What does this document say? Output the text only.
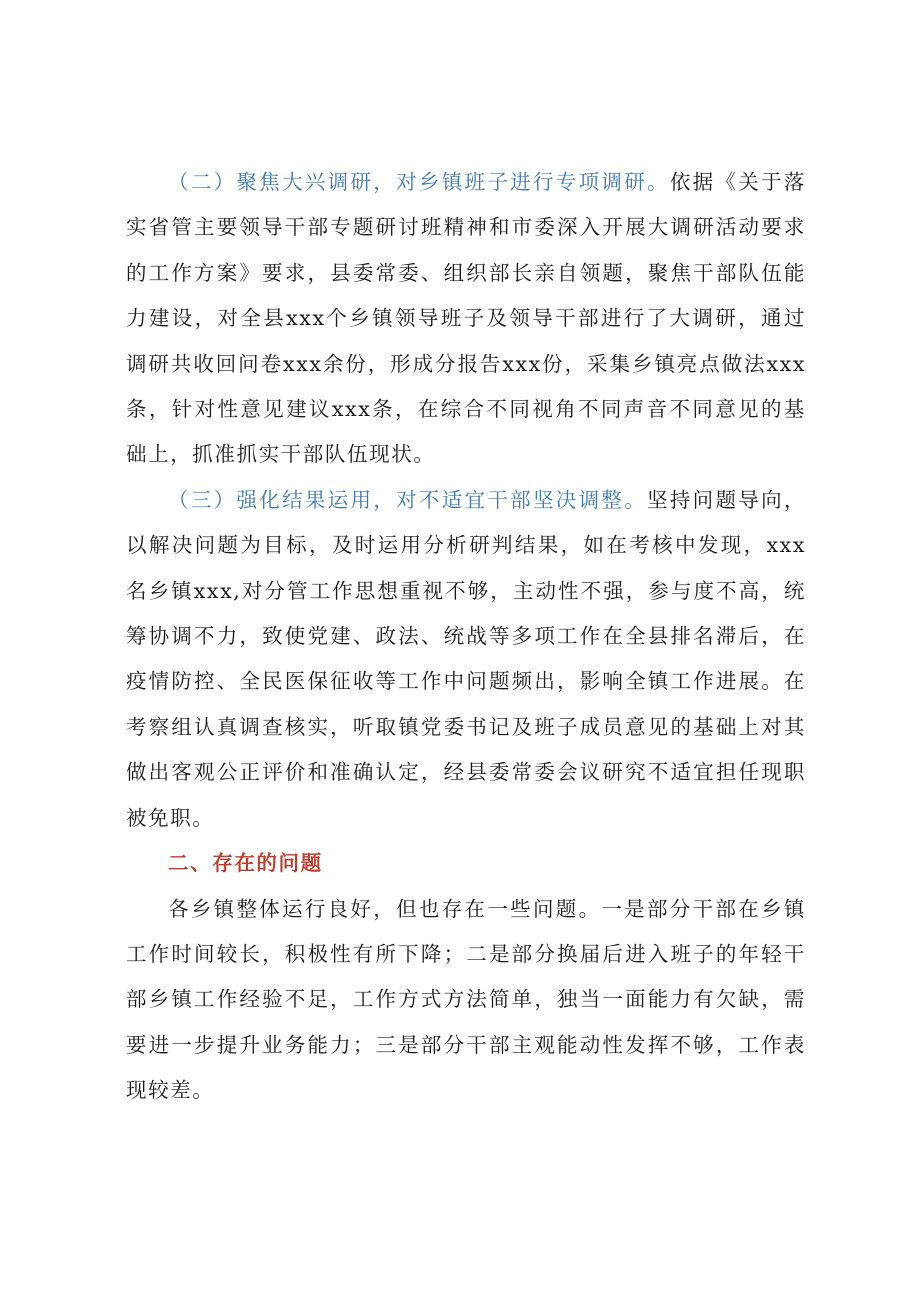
（二）聚焦大兴调研，对乡镇班子进行专项调研。依据《关于落实省管主要领导干部专题研讨班精神和市委深入开展大调研活动要求的工作方案》要求，县委常委、组织部长亲自领题，聚焦干部队伍能力建设，对全县xxx个乡镇领导班子及领导干部进行了大调研，通过调研共收回问卷xxx余份，形成分报告xxx份，采集乡镇亮点做法xxx条，针对性意见建议xxx条，在综合不同视角不同声音不同意见的基础上，抓准抓实干部队伍现状。

（三）强化结果运用，对不适宜干部坚决调整。坚持问题导向，以解决问题为目标，及时运用分析研判结果，如在考核中发现，xxx名乡镇xxx,对分管工作思想重视不够，主动性不强，参与度不高，统筹协调不力，致使党建、政法、统战等多项工作在全县排名滞后，在疫情防控、全民医保征收等工作中问题频出，影响全镇工作进展。在考察组认真调查核实，听取镇党委书记及班子成员意见的基础上对其做出客观公正评价和准确认定，经县委常委会议研究不适宜担任现职被免职。

二、存在的问题

各乡镇整体运行良好，但也存在一些问题。一是部分干部在乡镇工作时间较长，积极性有所下降；二是部分换届后进入班子的年轻干部乡镇工作经验不足，工作方式方法简单，独当一面能力有欠缺，需要进一步提升业务能力；三是部分干部主观能动性发挥不够，工作表现较差。
